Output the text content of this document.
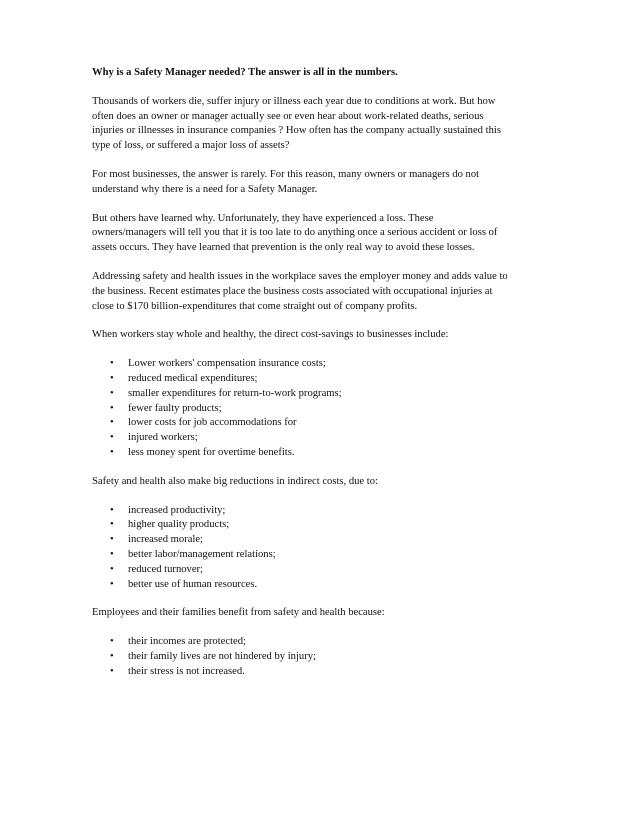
Why is a Safety Manager needed? The answer is all in the numbers.

Thousands of workers die, suffer injury or illness each year due to conditions at work. But how
often does an owner or manager actually see or even hear about work-related deaths, serious
injuries or illnesses in insurance companies ? How often has the company actually sustained this
type of loss, or suffered a major loss of assets?

For most businesses, the answer is rarely. For this reason, many owners or managers do not
understand why there is a need for a Safety Manager.

But others have learned why. Unfortunately, they have experienced a loss. These
owners/managers will tell you that it is too late to do anything once a serious accident or loss of
assets occurs. They have learned that prevention is the only real way to avoid these losses.

Addressing safety and health issues in the workplace saves the employer money and adds value to
the business. Recent estimates place the business costs associated with occupational injuries at
close to $170 billion-expenditures that come straight out of company profits.

When workers stay whole and healthy, the direct cost-savings to businesses include:

• Lower workers' compensation insurance costs;
• reduced medical expenditures;
• smaller expenditures for return-to-work programs;
• fewer faulty products;
• lower costs for job accommodations for
• injured workers;
• less money spent for overtime benefits.

Safety and health also make big reductions in indirect costs, due to:

• increased productivity;
• higher quality products;
• increased morale;
• better labor/management relations;
• reduced turnover;
• better use of human resources.

Employees and their families benefit from safety and health because:

• their incomes are protected;
• their family lives are not hindered by injury;
• their stress is not increased.
